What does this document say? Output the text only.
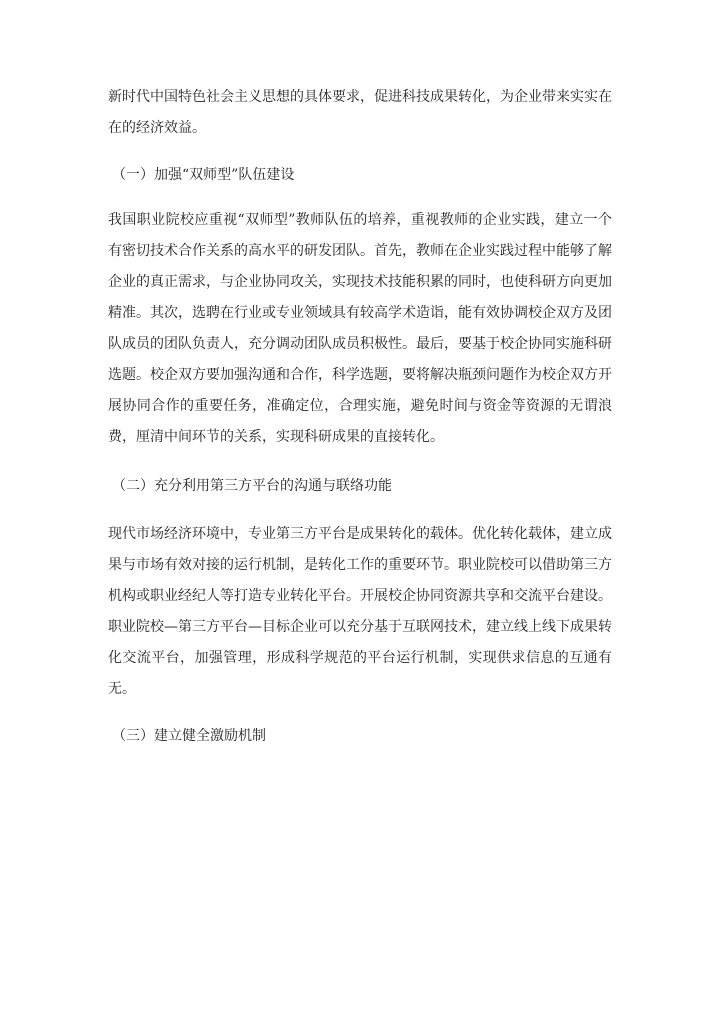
新时代中国特色社会主义思想的具体要求，促进科技成果转化，为企业带来实实在在的经济效益。

（一）加强“双师型”队伍建设

我国职业院校应重视“双师型”教师队伍的培养，重视教师的企业实践，建立一个有密切技术合作关系的高水平的研发团队。首先，教师在企业实践过程中能够了解企业的真正需求，与企业协同攻关，实现技术技能积累的同时，也使科研方向更加精准。其次，选聘在行业或专业领域具有较高学术造诣，能有效协调校企双方及团队成员的团队负责人，充分调动团队成员积极性。最后，要基于校企协同实施科研选题。校企双方要加强沟通和合作，科学选题，要将解决瓶颈问题作为校企双方开展协同合作的重要任务，准确定位，合理实施，避免时间与资金等资源的无谓浪费，厘清中间环节的关系，实现科研成果的直接转化。

（二）充分利用第三方平台的沟通与联络功能

现代市场经济环境中，专业第三方平台是成果转化的载体。优化转化载体，建立成果与市场有效对接的运行机制，是转化工作的重要环节。职业院校可以借助第三方机构或职业经纪人等打造专业转化平台。开展校企协同资源共享和交流平台建设。职业院校—第三方平台—目标企业可以充分基于互联网技术，建立线上线下成果转化交流平台，加强管理，形成科学规范的平台运行机制，实现供求信息的互通有无。

（三）建立健全激励机制
